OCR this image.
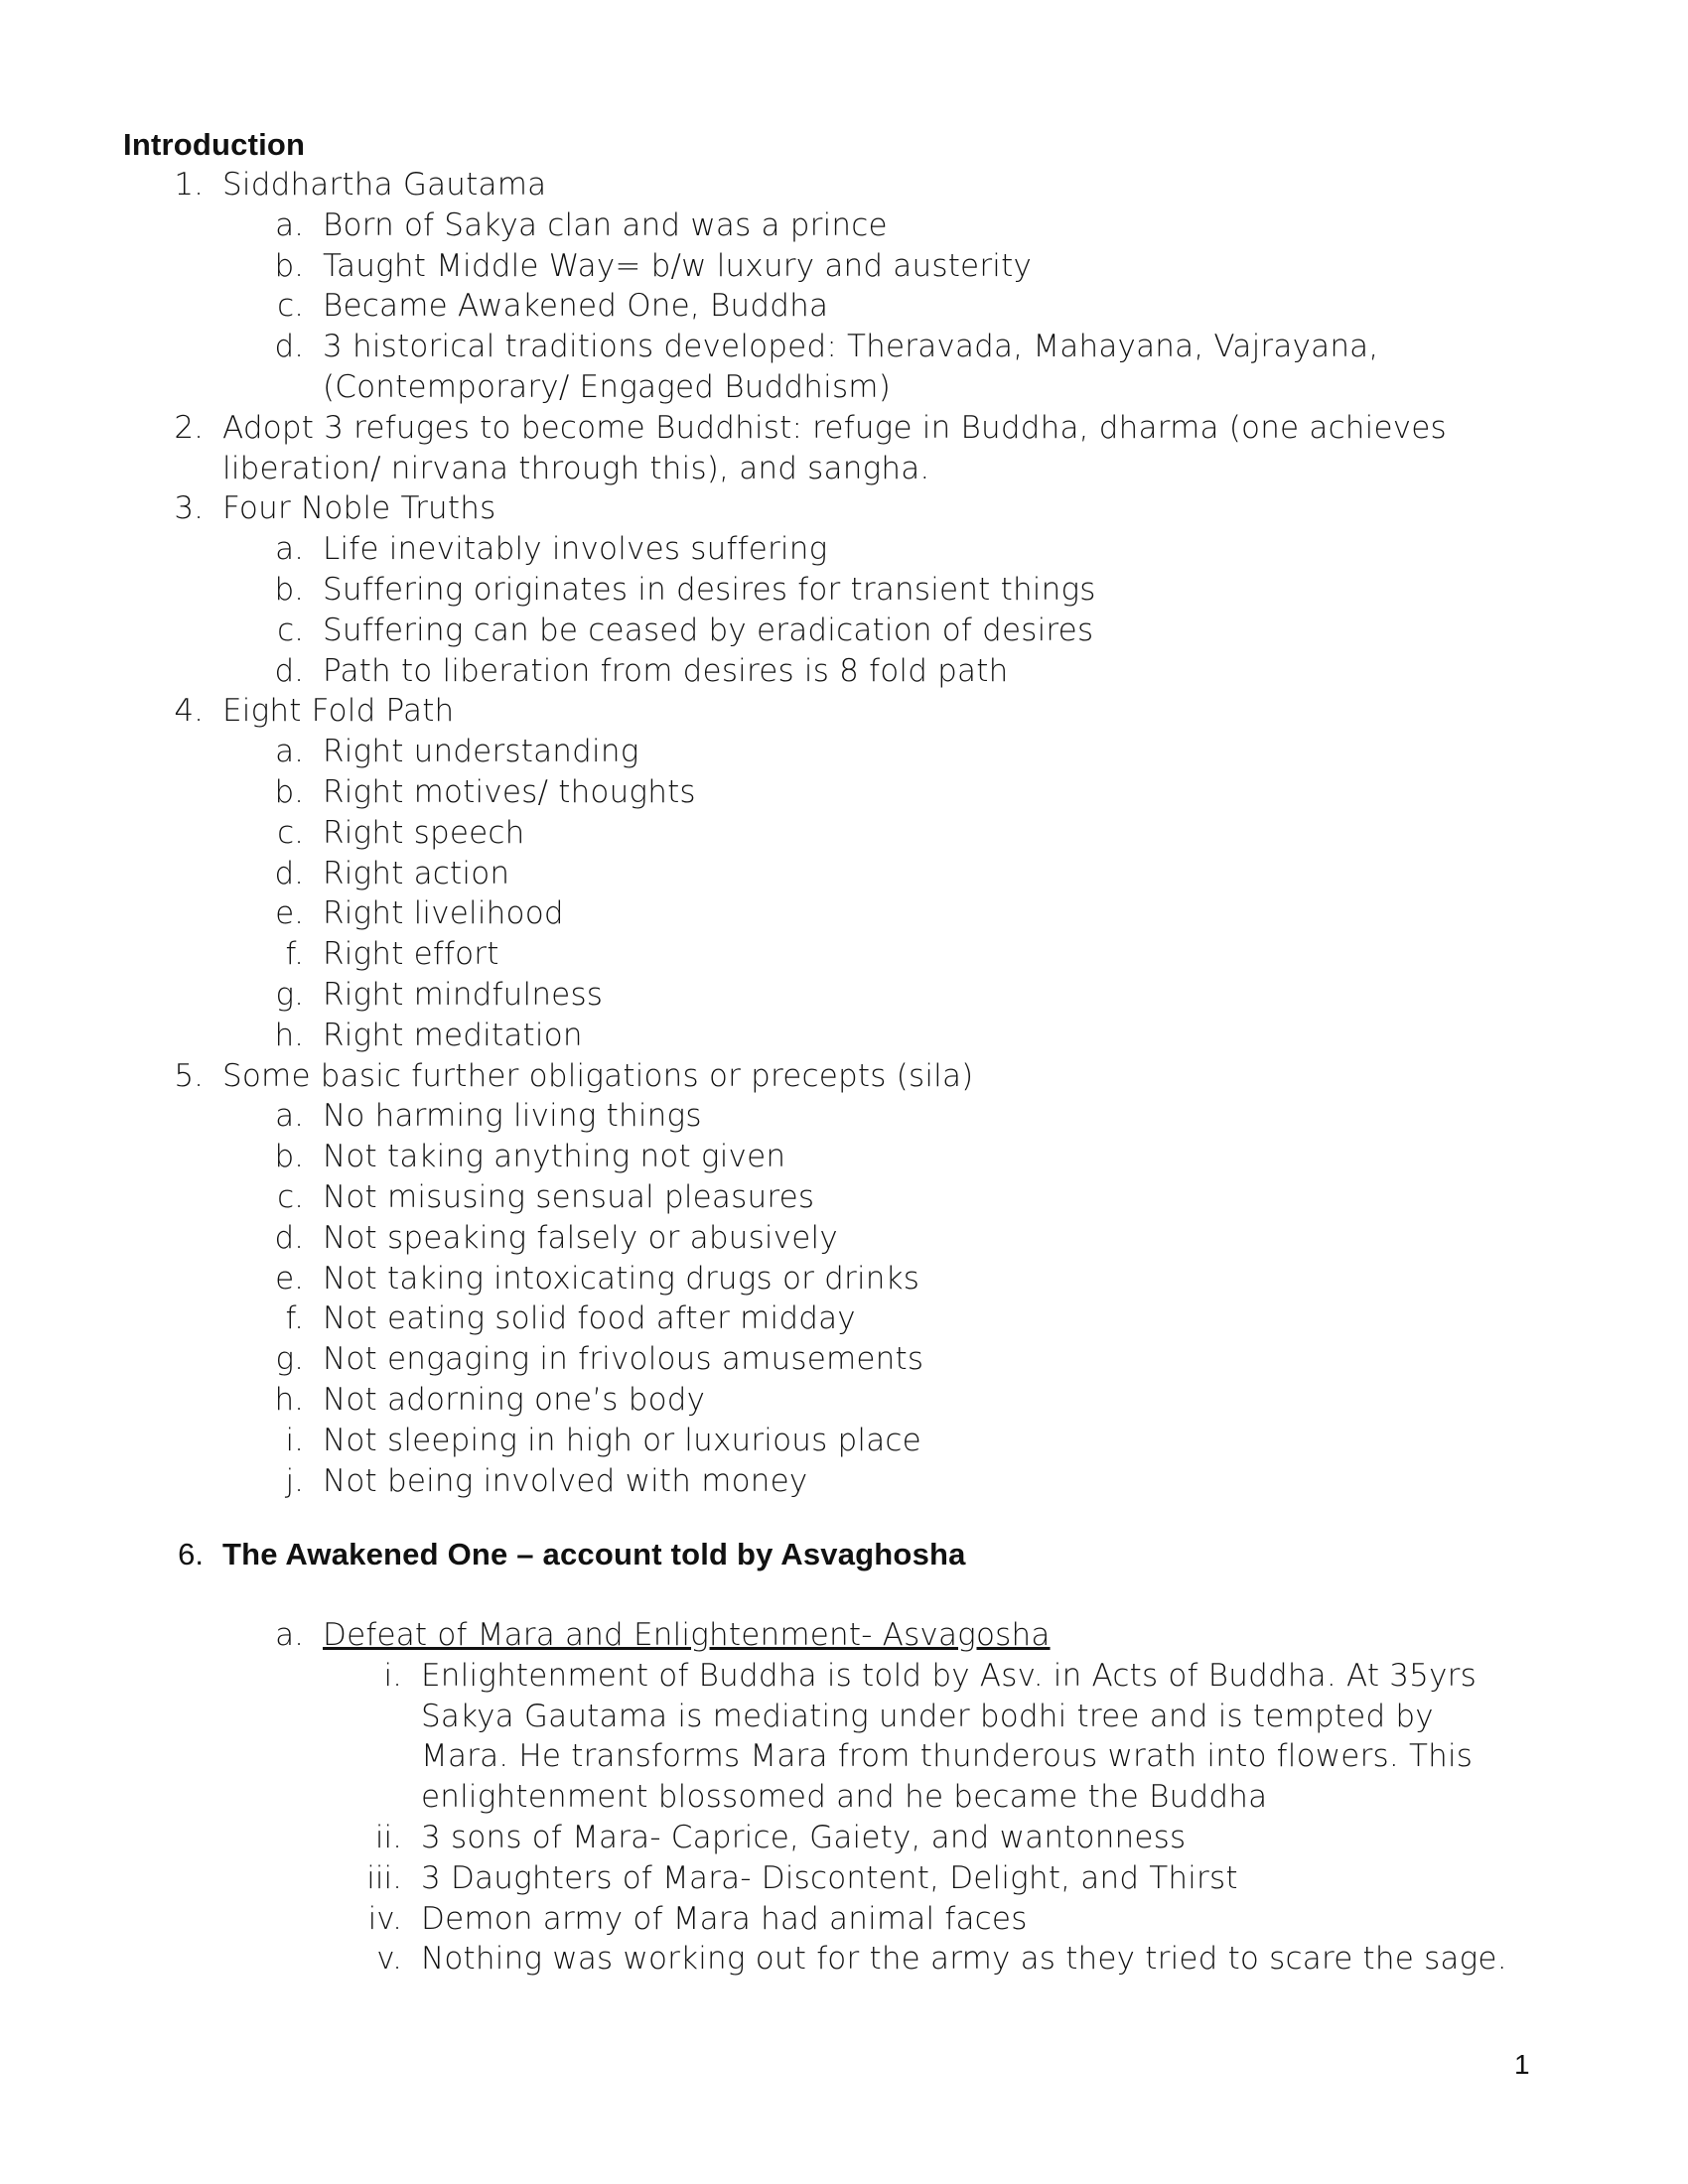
Introduction
1. Siddhartha Gautama
a. Born of Sakya clan and was a prince
b. Taught Middle Way= b/w luxury and austerity
c. Became Awakened One, Buddha
d. 3 historical traditions developed: Theravada, Mahayana, Vajrayana,
(Contemporary/ Engaged Buddhism)
2. Adopt 3 refuges to become Buddhist: refuge in Buddha, dharma (one achieves
liberation/ nirvana through this), and sangha.
3. Four Noble Truths
a. Life inevitably involves suffering
b. Suffering originates in desires for transient things
c. Suffering can be ceased by eradication of desires
d. Path to liberation from desires is 8 fold path
4. Eight Fold Path
a. Right understanding
b. Right motives/ thoughts
c. Right speech
d. Right action
e. Right livelihood
f. Right effort
g. Right mindfulness
h. Right meditation
5. Some basic further obligations or precepts (sila)
a. No harming living things
b. Not taking anything not given
c. Not misusing sensual pleasures
d. Not speaking falsely or abusively
e. Not taking intoxicating drugs or drinks
f. Not eating solid food after midday
g. Not engaging in frivolous amusements
h. Not adorning one’s body
i. Not sleeping in high or luxurious place
j. Not being involved with money
6. The Awakened One – account told by Asvaghosha
a. Defeat of Mara and Enlightenment- Asvagosha
i. Enlightenment of Buddha is told by Asv. in Acts of Buddha. At 35yrs
Sakya Gautama is mediating under bodhi tree and is tempted by
Mara. He transforms Mara from thunderous wrath into flowers. This
enlightenment blossomed and he became the Buddha
ii. 3 sons of Mara- Caprice, Gaiety, and wantonness
iii. 3 Daughters of Mara- Discontent, Delight, and Thirst
iv. Demon army of Mara had animal faces
v. Nothing was working out for the army as they tried to scare the sage.
1
